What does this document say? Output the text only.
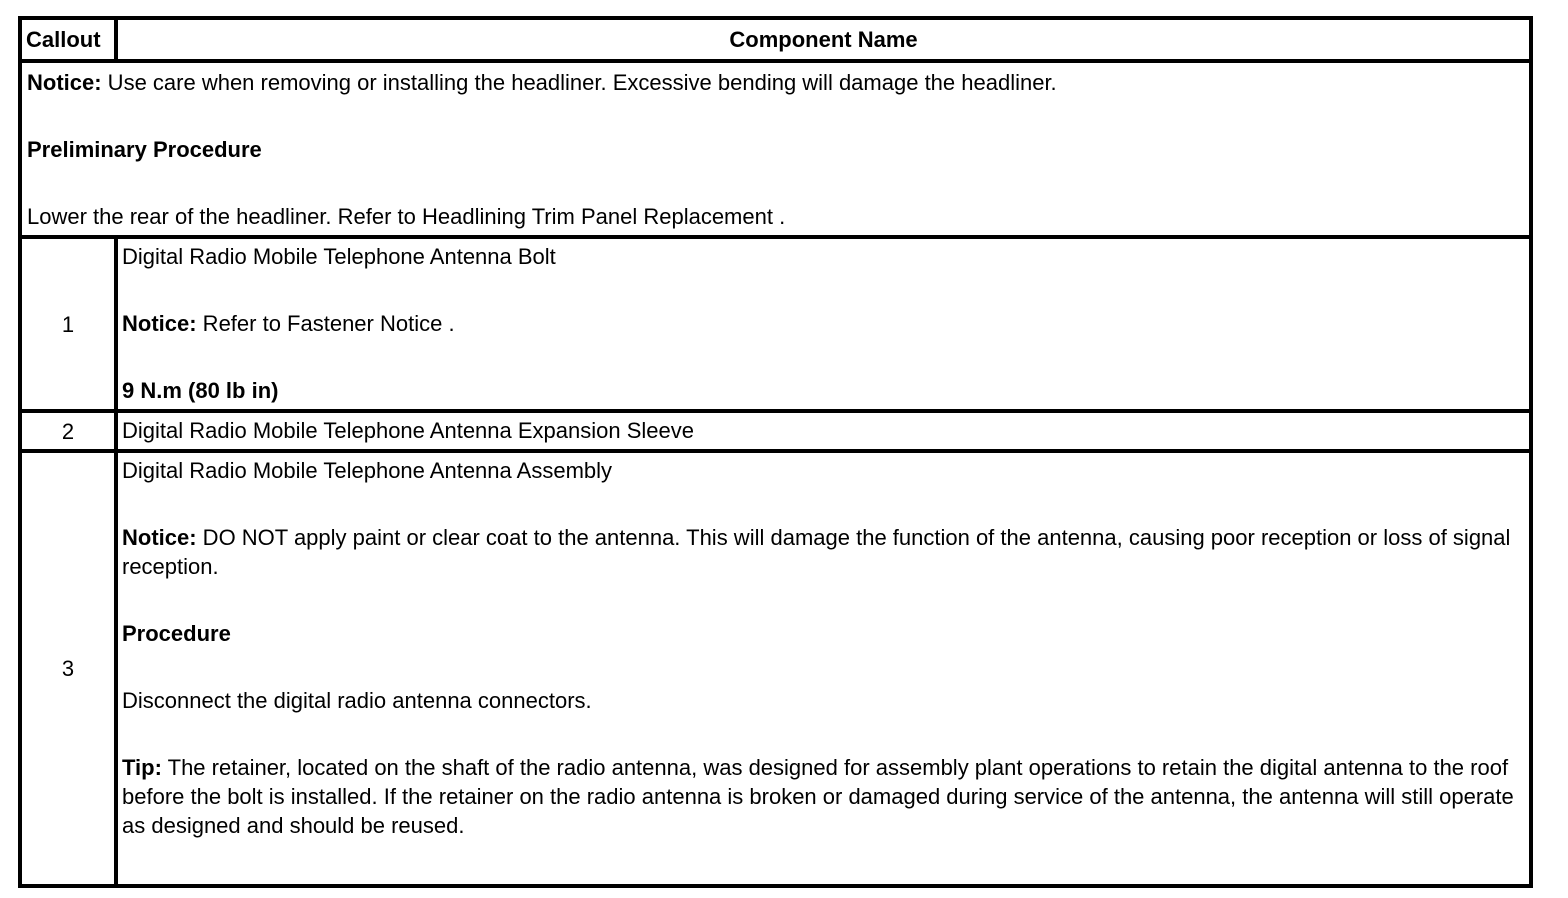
Callout	Component Name

Notice: Use care when removing or installing the headliner. Excessive bending will damage the headliner.

Preliminary Procedure

Lower the rear of the headliner. Refer to Headlining Trim Panel Replacement .	

1	Digital Radio Mobile Telephone Antenna Bolt

Notice: Refer to Fastener Notice .

9 N.m (80 lb in)

2	Digital Radio Mobile Telephone Antenna Expansion Sleeve

3	Digital Radio Mobile Telephone Antenna Assembly

Notice: DO NOT apply paint or clear coat to the antenna. This will damage the function of the antenna, causing poor reception or loss of signal reception.

Procedure

Disconnect the digital radio antenna connectors.

Tip: The retainer, located on the shaft of the radio antenna, was designed for assembly plant operations to retain the digital antenna to the roof before the bolt is installed. If the retainer on the radio antenna is broken or damaged during service of the antenna, the antenna will still operate as designed and should be reused.
